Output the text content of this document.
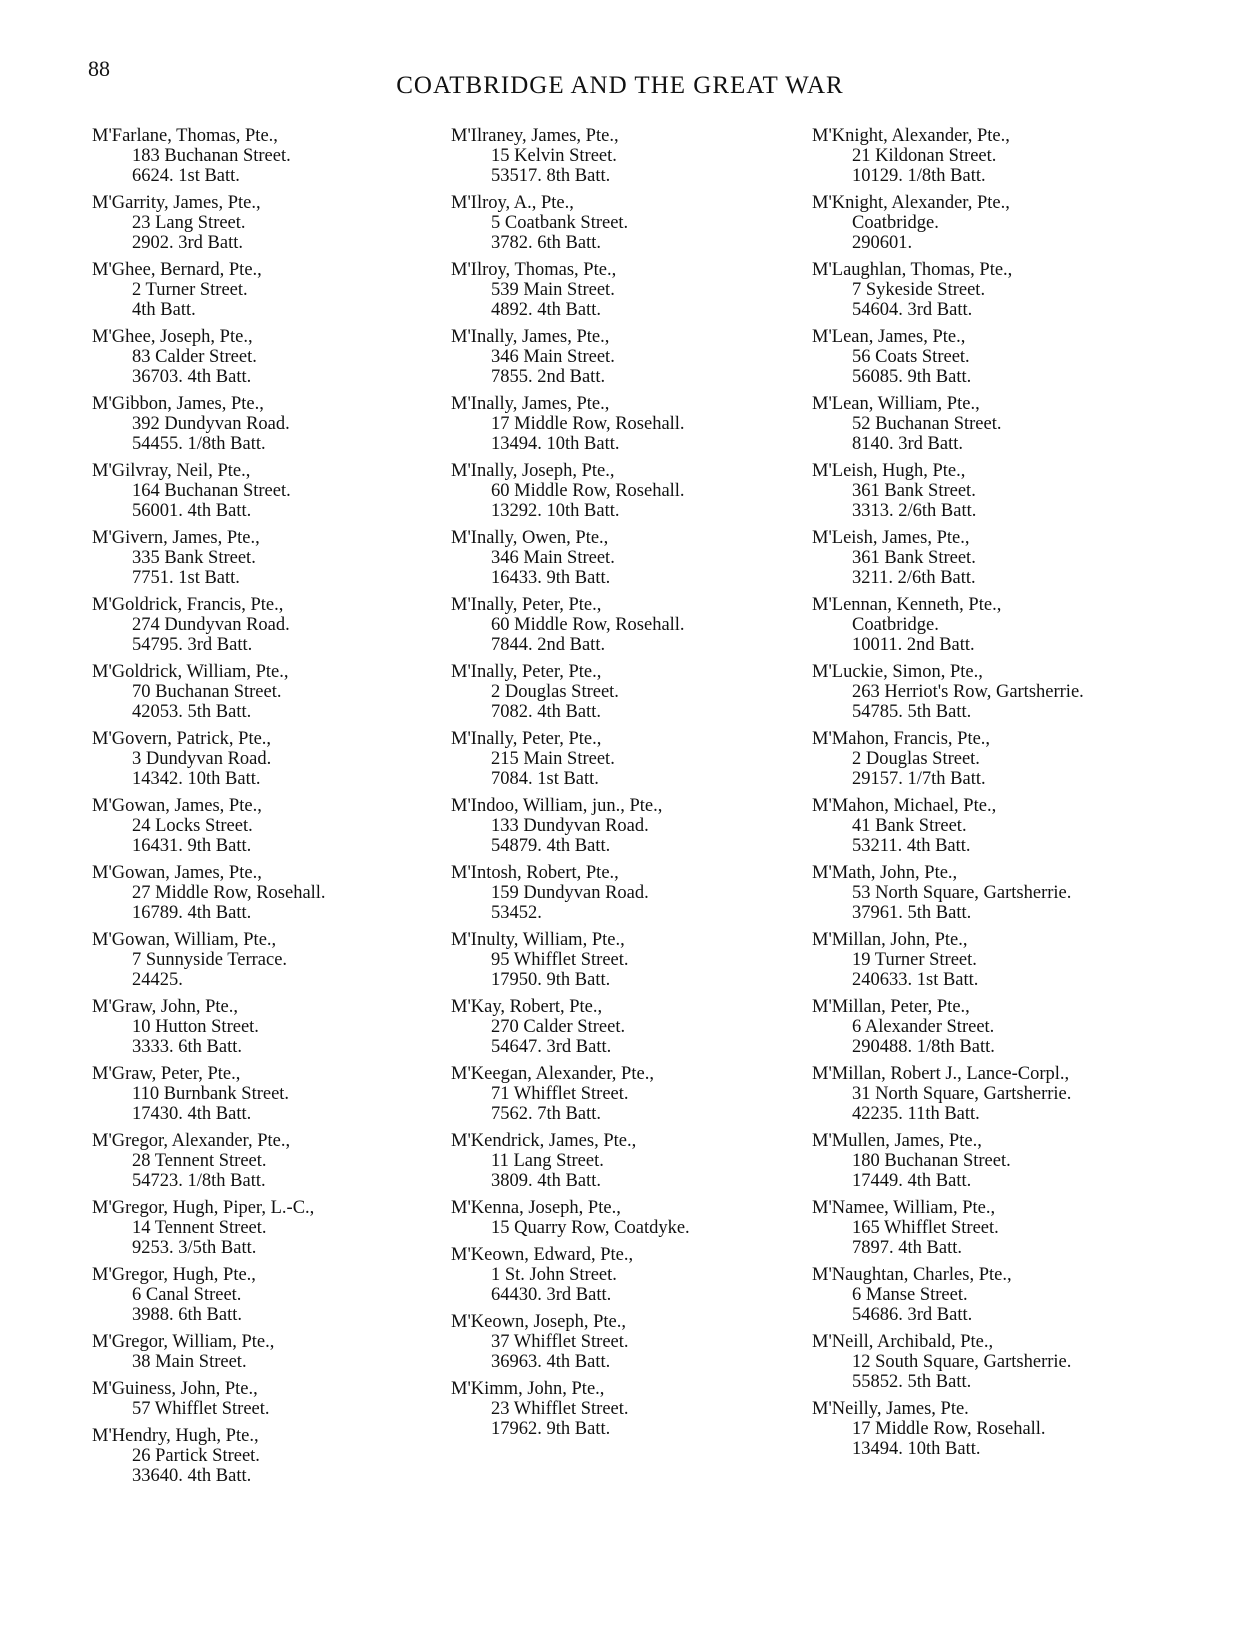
88
COATBRIDGE AND THE GREAT WAR
M'Farlane, Thomas, Pte.,
183 Buchanan Street.
6624. 1st Batt.
M'Garrity, James, Pte.,
23 Lang Street.
2902. 3rd Batt.
M'Ghee, Bernard, Pte.,
2 Turner Street.
4th Batt.
M'Ghee, Joseph, Pte.,
83 Calder Street.
36703. 4th Batt.
M'Gibbon, James, Pte.,
392 Dundyvan Road.
54455. 1/8th Batt.
M'Gilvray, Neil, Pte.,
164 Buchanan Street.
56001. 4th Batt.
M'Givern, James, Pte.,
335 Bank Street.
7751. 1st Batt.
M'Goldrick, Francis, Pte.,
274 Dundyvan Road.
54795. 3rd Batt.
M'Goldrick, William, Pte.,
70 Buchanan Street.
42053. 5th Batt.
M'Govern, Patrick, Pte.,
3 Dundyvan Road.
14342. 10th Batt.
M'Gowan, James, Pte.,
24 Locks Street.
16431. 9th Batt.
M'Gowan, James, Pte.,
27 Middle Row, Rosehall.
16789. 4th Batt.
M'Gowan, William, Pte.,
7 Sunnyside Terrace.
24425.
M'Graw, John, Pte.,
10 Hutton Street.
3333. 6th Batt.
M'Graw, Peter, Pte.,
110 Burnbank Street.
17430. 4th Batt.
M'Gregor, Alexander, Pte.,
28 Tennent Street.
54723. 1/8th Batt.
M'Gregor, Hugh, Piper, L.-C.,
14 Tennent Street.
9253. 3/5th Batt.
M'Gregor, Hugh, Pte.,
6 Canal Street.
3988. 6th Batt.
M'Gregor, William, Pte.,
38 Main Street.
M'Guiness, John, Pte.,
57 Whifflet Street.
M'Hendry, Hugh, Pte.,
26 Partick Street.
33640. 4th Batt.
M'Ilraney, James, Pte.,
15 Kelvin Street.
53517. 8th Batt.
M'Ilroy, A., Pte.,
5 Coatbank Street.
3782. 6th Batt.
M'Ilroy, Thomas, Pte.,
539 Main Street.
4892. 4th Batt.
M'Inally, James, Pte.,
346 Main Street.
7855. 2nd Batt.
M'Inally, James, Pte.,
17 Middle Row, Rosehall.
13494. 10th Batt.
M'Inally, Joseph, Pte.,
60 Middle Row, Rosehall.
13292. 10th Batt.
M'Inally, Owen, Pte.,
346 Main Street.
16433. 9th Batt.
M'Inally, Peter, Pte.,
60 Middle Row, Rosehall.
7844. 2nd Batt.
M'Inally, Peter, Pte.,
2 Douglas Street.
7082. 4th Batt.
M'Inally, Peter, Pte.,
215 Main Street.
7084. 1st Batt.
M'Indoo, William, jun., Pte.,
133 Dundyvan Road.
54879. 4th Batt.
M'Intosh, Robert, Pte.,
159 Dundyvan Road.
53452.
M'Inulty, William, Pte.,
95 Whifflet Street.
17950. 9th Batt.
M'Kay, Robert, Pte.,
270 Calder Street.
54647. 3rd Batt.
M'Keegan, Alexander, Pte.,
71 Whifflet Street.
7562. 7th Batt.
M'Kendrick, James, Pte.,
11 Lang Street.
3809. 4th Batt.
M'Kenna, Joseph, Pte.,
15 Quarry Row, Coatdyke.
M'Keown, Edward, Pte.,
1 St. John Street.
64430. 3rd Batt.
M'Keown, Joseph, Pte.,
37 Whifflet Street.
36963. 4th Batt.
M'Kimm, John, Pte.,
23 Whifflet Street.
17962. 9th Batt.
M'Knight, Alexander, Pte.,
21 Kildonan Street.
10129. 1/8th Batt.
M'Knight, Alexander, Pte.,
Coatbridge.
290601.
M'Laughlan, Thomas, Pte.,
7 Sykeside Street.
54604. 3rd Batt.
M'Lean, James, Pte.,
56 Coats Street.
56085. 9th Batt.
M'Lean, William, Pte.,
52 Buchanan Street.
8140. 3rd Batt.
M'Leish, Hugh, Pte.,
361 Bank Street.
3313. 2/6th Batt.
M'Leish, James, Pte.,
361 Bank Street.
3211. 2/6th Batt.
M'Lennan, Kenneth, Pte.,
Coatbridge.
10011. 2nd Batt.
M'Luckie, Simon, Pte.,
263 Herriot's Row, Gartsherrie.
54785. 5th Batt.
M'Mahon, Francis, Pte.,
2 Douglas Street.
29157. 1/7th Batt.
M'Mahon, Michael, Pte.,
41 Bank Street.
53211. 4th Batt.
M'Math, John, Pte.,
53 North Square, Gartsherrie.
37961. 5th Batt.
M'Millan, John, Pte.,
19 Turner Street.
240633. 1st Batt.
M'Millan, Peter, Pte.,
6 Alexander Street.
290488. 1/8th Batt.
M'Millan, Robert J., Lance-Corpl.,
31 North Square, Gartsherrie.
42235. 11th Batt.
M'Mullen, James, Pte.,
180 Buchanan Street.
17449. 4th Batt.
M'Namee, William, Pte.,
165 Whifflet Street.
7897. 4th Batt.
M'Naughtan, Charles, Pte.,
6 Manse Street.
54686. 3rd Batt.
M'Neill, Archibald, Pte.,
12 South Square, Gartsherrie.
55852. 5th Batt.
M'Neilly, James, Pte.
17 Middle Row, Rosehall.
13494. 10th Batt.
